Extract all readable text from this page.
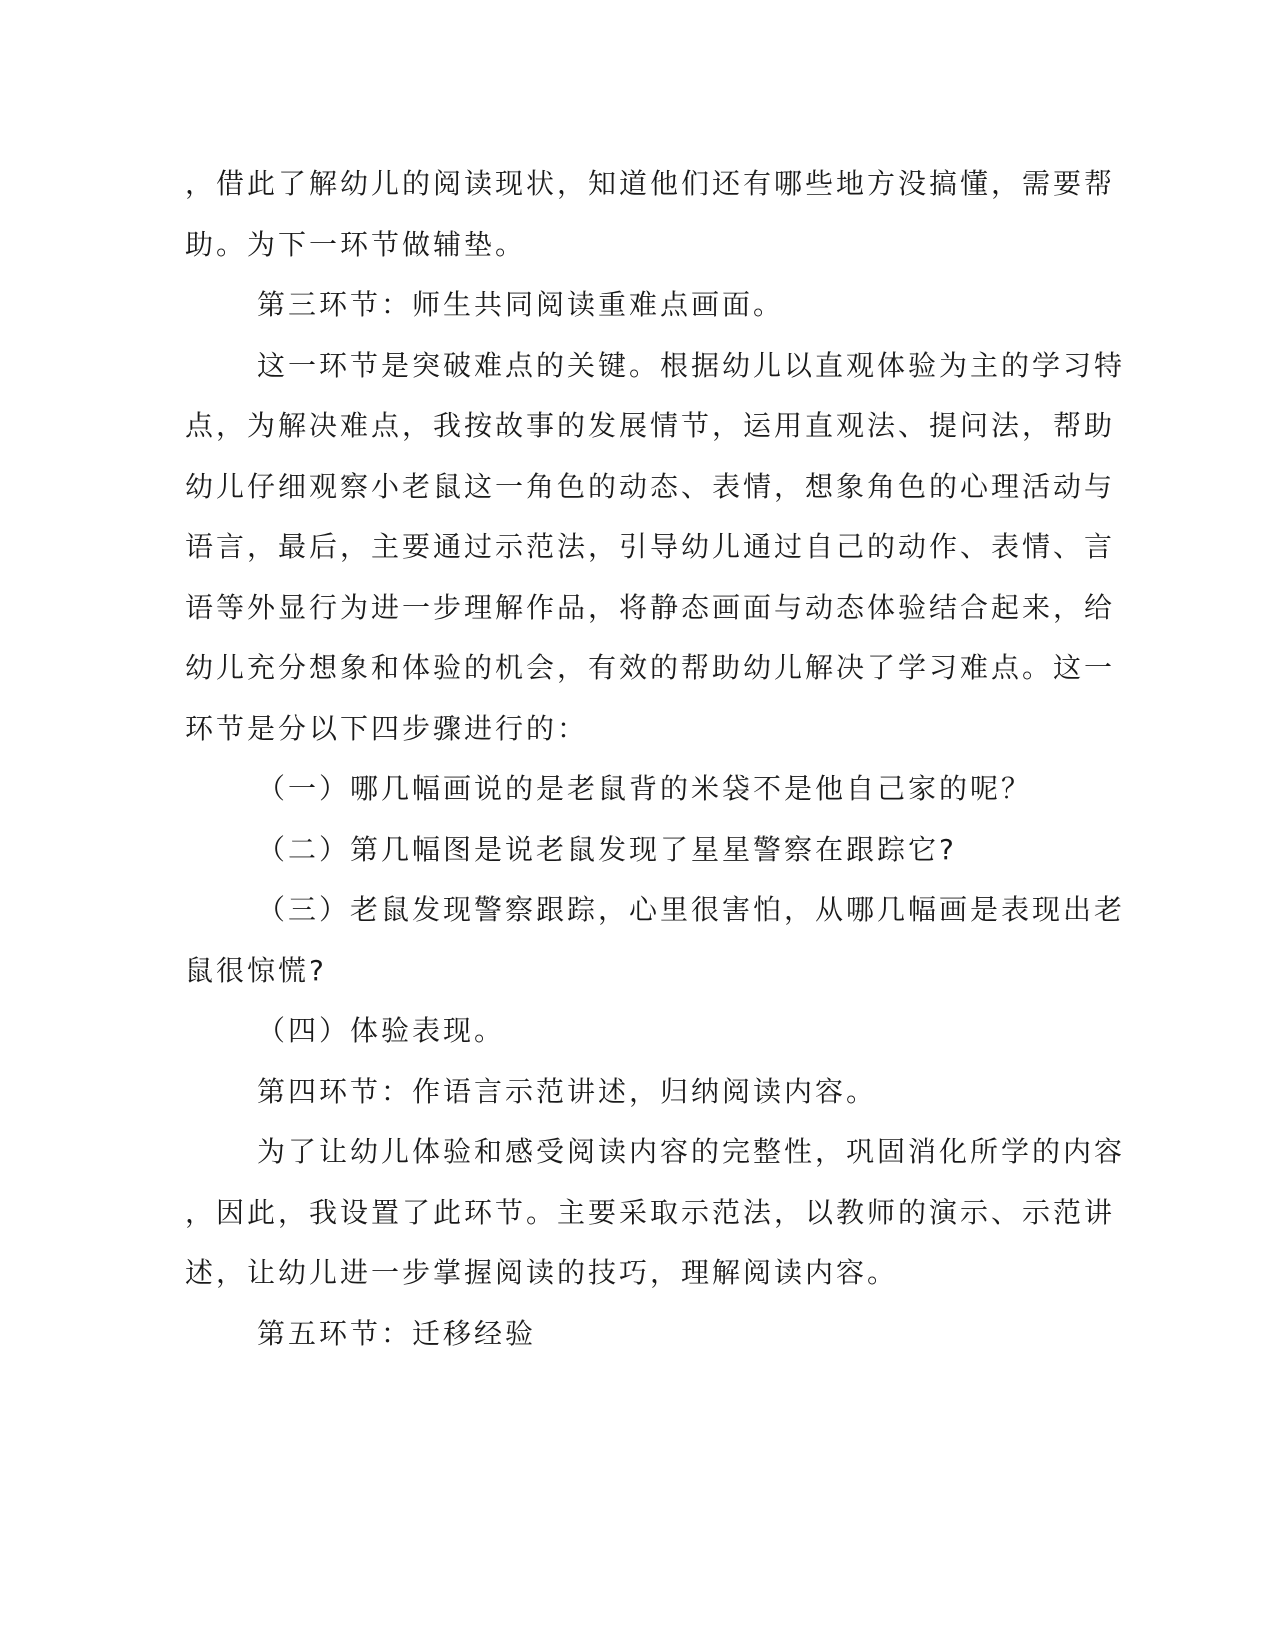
，借此了解幼儿的阅读现状，知道他们还有哪些地方没搞懂，需要帮

助。为下一环节做辅垫。

第三环节：师生共同阅读重难点画面。

这一环节是突破难点的关键。根据幼儿以直观体验为主的学习特

点，为解决难点，我按故事的发展情节，运用直观法、提问法，帮助

幼儿仔细观察小老鼠这一角色的动态、表情，想象角色的心理活动与

语言，最后，主要通过示范法，引导幼儿通过自己的动作、表情、言

语等外显行为进一步理解作品，将静态画面与动态体验结合起来，给

幼儿充分想象和体验的机会，有效的帮助幼儿解决了学习难点。这一

环节是分以下四步骤进行的：

（一）哪几幅画说的是老鼠背的米袋不是他自己家的呢？

（二）第几幅图是说老鼠发现了星星警察在跟踪它?

（三）老鼠发现警察跟踪，心里很害怕，从哪几幅画是表现出老

鼠很惊慌?

（四）体验表现。

第四环节：作语言示范讲述，归纳阅读内容。

为了让幼儿体验和感受阅读内容的完整性，巩固消化所学的内容

，因此，我设置了此环节。主要采取示范法，以教师的演示、示范讲

述，让幼儿进一步掌握阅读的技巧，理解阅读内容。

第五环节：迁移经验
